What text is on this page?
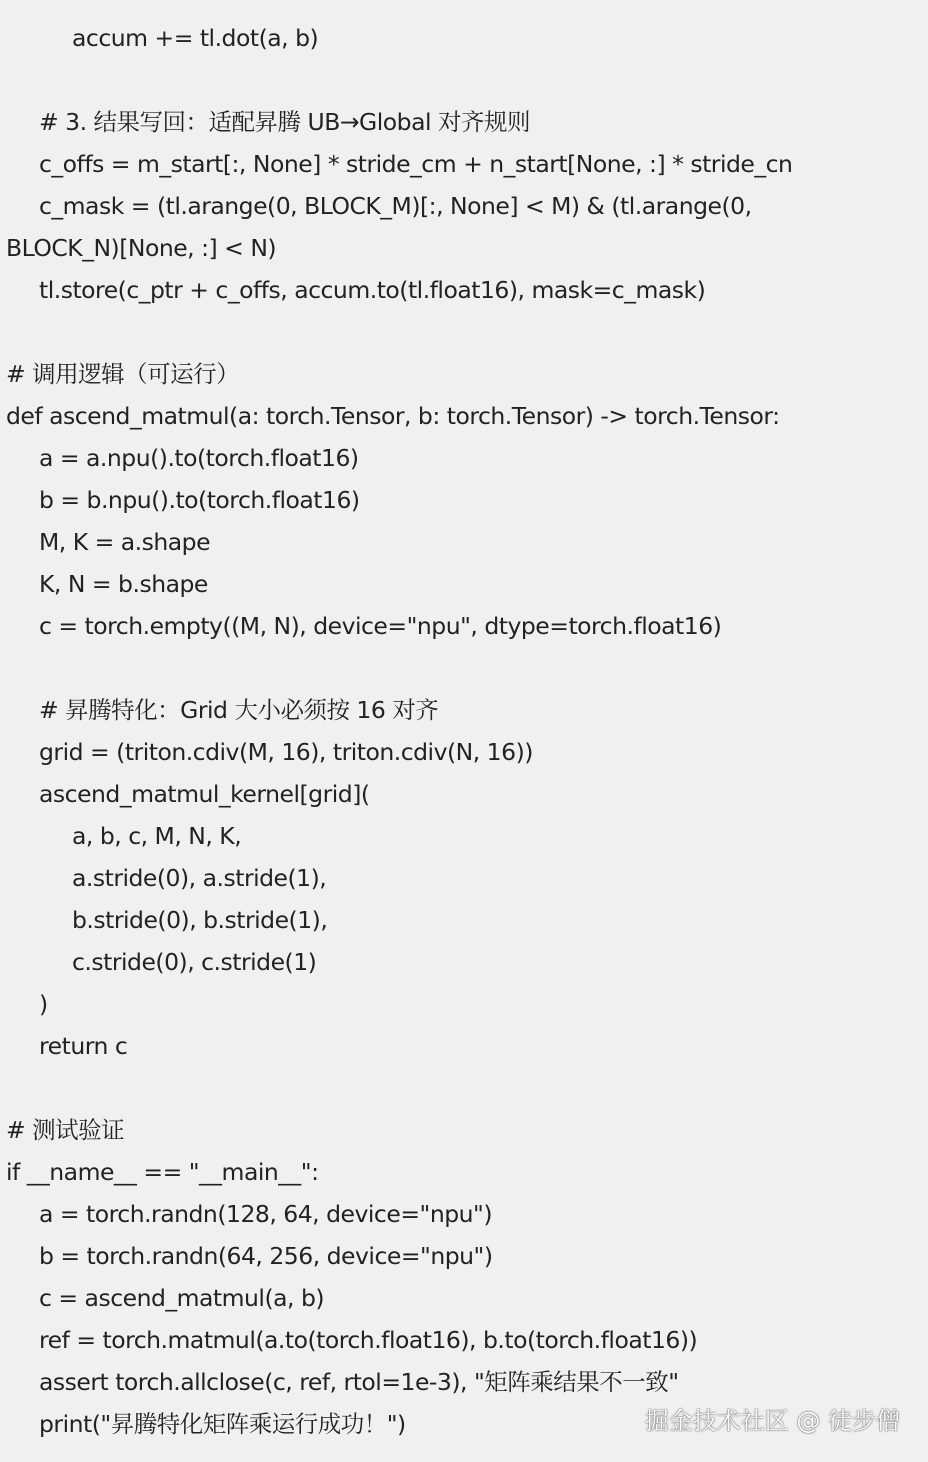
accum += tl.dot(a, b)
# 3. 结果写回：适配昇腾 UB→Global 对齐规则
c_offs = m_start[:, None] * stride_cm + n_start[None, :] * stride_cn
c_mask = (tl.arange(0, BLOCK_M)[:, None] < M) & (tl.arange(0,
BLOCK_N)[None, :] < N)
tl.store(c_ptr + c_offs, accum.to(tl.float16), mask=c_mask)
# 调用逻辑（可运行）
def ascend_matmul(a: torch.Tensor, b: torch.Tensor) -> torch.Tensor:
a = a.npu().to(torch.float16)
b = b.npu().to(torch.float16)
M, K = a.shape
K, N = b.shape
c = torch.empty((M, N), device="npu", dtype=torch.float16)
# 昇腾特化：Grid 大小必须按 16 对齐
grid = (triton.cdiv(M, 16), triton.cdiv(N, 16))
ascend_matmul_kernel[grid](
a, b, c, M, N, K,
a.stride(0), a.stride(1),
b.stride(0), b.stride(1),
c.stride(0), c.stride(1)
)
return c
# 测试验证
if __name__ == "__main__":
a = torch.randn(128, 64, device="npu")
b = torch.randn(64, 256, device="npu")
c = ascend_matmul(a, b)
ref = torch.matmul(a.to(torch.float16), b.to(torch.float16))
assert torch.allclose(c, ref, rtol=1e-3), "矩阵乘结果不一致"
print("昇腾特化矩阵乘运行成功！")	掘金技术社区 @ 徒步僧
